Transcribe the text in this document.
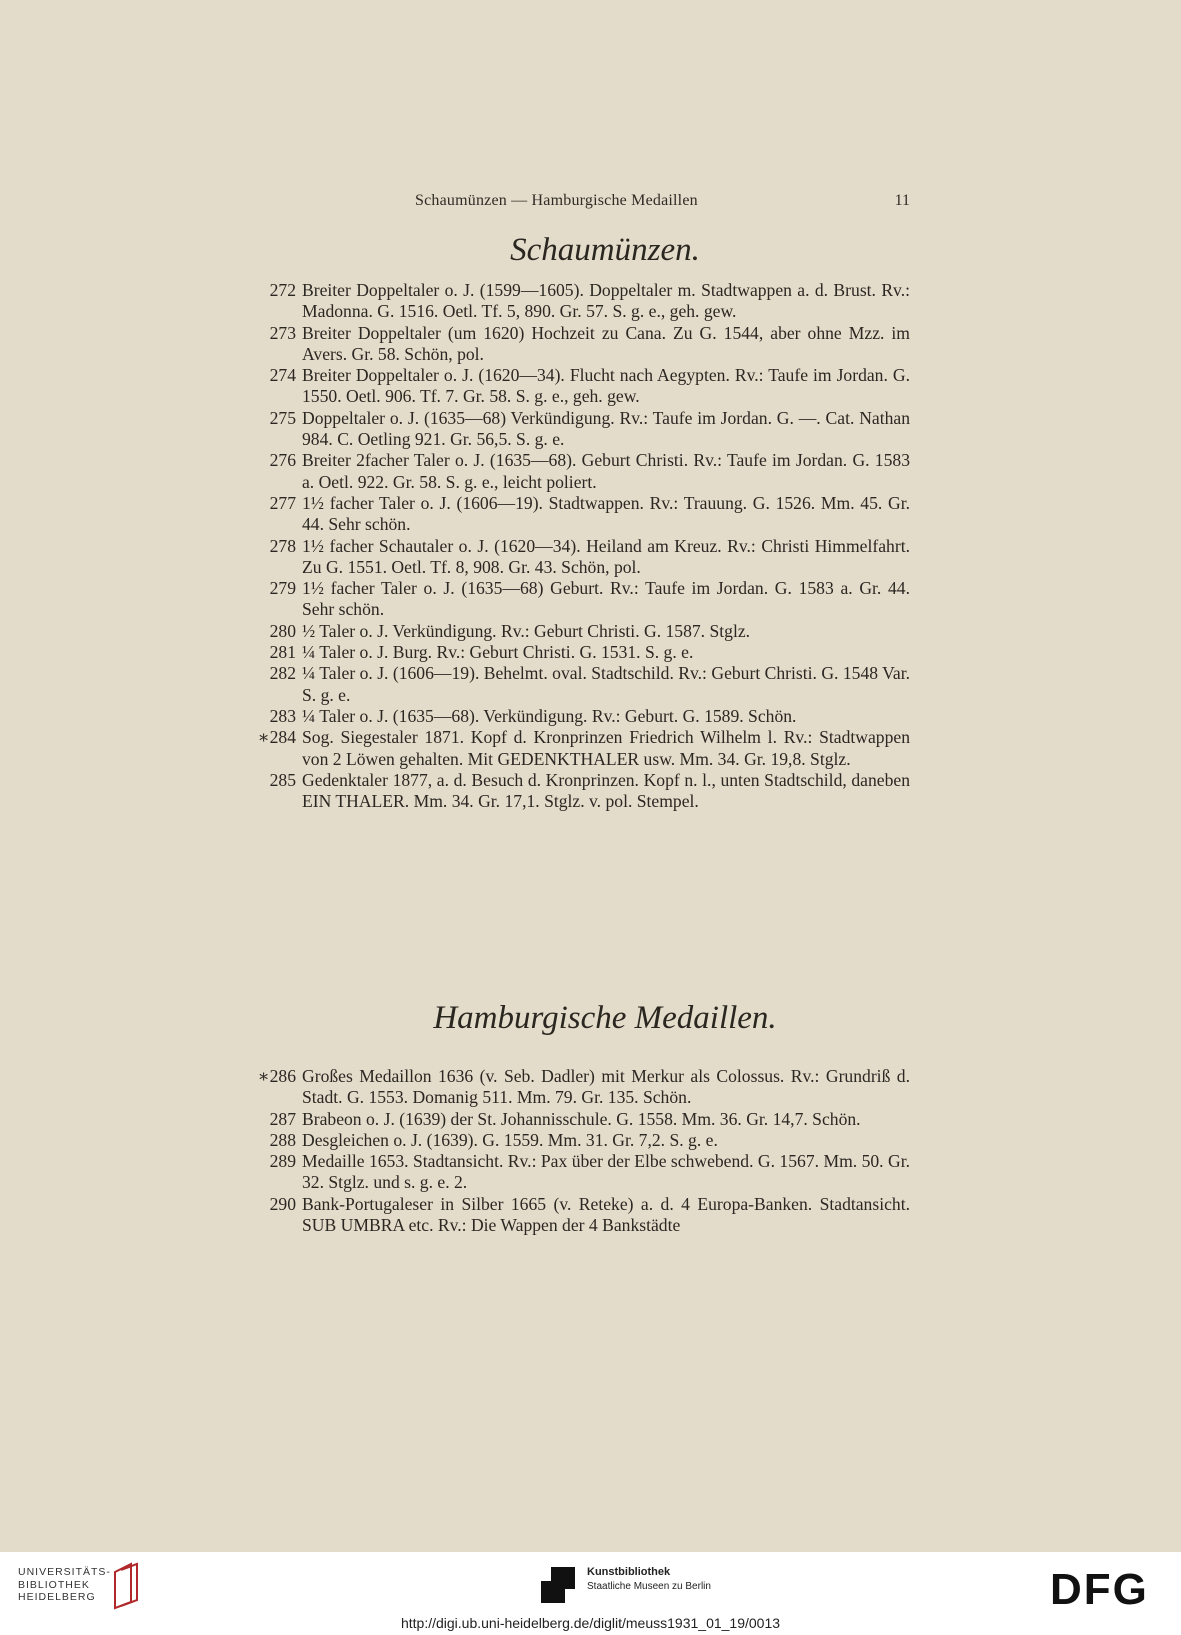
Schaumünzen — Hamburgische Medaillen	11
Schaumünzen.
272 Breiter Doppeltaler o. J. (1599—1605). Doppeltaler m. Stadtwappen a. d. Brust. Rv.: Madonna. G. 1516. Oetl. Tf. 5, 890. Gr. 57. S. g. e., geh. gew.
273 Breiter Doppeltaler (um 1620) Hochzeit zu Cana. Zu G. 1544, aber ohne Mzz. im Avers. Gr. 58. Schön, pol.
274 Breiter Doppeltaler o. J. (1620—34). Flucht nach Aegypten. Rv.: Taufe im Jordan. G. 1550. Oetl. 906. Tf. 7. Gr. 58. S. g. e., geh. gew.
275 Doppeltaler o. J. (1635—68) Verkündigung. Rv.: Taufe im Jordan. G. —. Cat. Nathan 984. C. Oetling 921. Gr. 56,5. S. g. e.
276 Breiter 2facher Taler o. J. (1635—68). Geburt Christi. Rv.: Taufe im Jordan. G. 1583 a. Oetl. 922. Gr. 58. S. g. e., leicht poliert.
277 1½ facher Taler o. J. (1606—19). Stadtwappen. Rv.: Trauung. G. 1526. Mm. 45. Gr. 44. Sehr schön.
278 1½ facher Schautaler o. J. (1620—34). Heiland am Kreuz. Rv.: Christi Himmelfahrt. Zu G. 1551. Oetl. Tf. 8, 908. Gr. 43. Schön, pol.
279 1½ facher Taler o. J. (1635—68) Geburt. Rv.: Taufe im Jordan. G. 1583 a. Gr. 44. Sehr schön.
280 ½ Taler o. J. Verkündigung. Rv.: Geburt Christi. G. 1587. Stglz.
281 ¼ Taler o. J. Burg. Rv.: Geburt Christi. G. 1531. S. g. e.
282 ¼ Taler o. J. (1606—19). Behelmt. oval. Stadtschild. Rv.: Geburt Christi. G. 1548 Var. S. g. e.
283 ¼ Taler o. J. (1635—68). Verkündigung. Rv.: Geburt. G. 1589. Schön.
∗284 Sog. Siegestaler 1871. Kopf d. Kronprinzen Friedrich Wilhelm l. Rv.: Stadtwappen von 2 Löwen gehalten. Mit GEDENKTHALER usw. Mm. 34. Gr. 19,8. Stglz.
285 Gedenktaler 1877, a. d. Besuch d. Kronprinzen. Kopf n. l., unten Stadtschild, daneben EIN THALER. Mm. 34. Gr. 17,1. Stglz. v. pol. Stempel.
Hamburgische Medaillen.
∗286 Großes Medaillon 1636 (v. Seb. Dadler) mit Merkur als Colossus. Rv.: Grundriß d. Stadt. G. 1553. Domanig 511. Mm. 79. Gr. 135. Schön.
287 Brabeon o. J. (1639) der St. Johannisschule. G. 1558. Mm. 36. Gr. 14,7. Schön.
288 Desgleichen o. J. (1639). G. 1559. Mm. 31. Gr. 7,2. S. g. e.
289 Medaille 1653. Stadtansicht. Rv.: Pax über der Elbe schwebend. G. 1567. Mm. 50. Gr. 32. Stglz. und s. g. e. 2.
290 Bank-Portugaleser in Silber 1665 (v. Reteke) a. d. 4 Europa-Banken. Stadtansicht. SUB UMBRA etc. Rv.: Die Wappen der 4 Bankstädte
UNIVERSITÄTS-
BIBLIOTHEK
HEIDELBERG
Kunstbibliothek
Staatliche Museen zu Berlin	DFG
http://digi.ub.uni-heidelberg.de/diglit/meuss1931_01_19/0013
